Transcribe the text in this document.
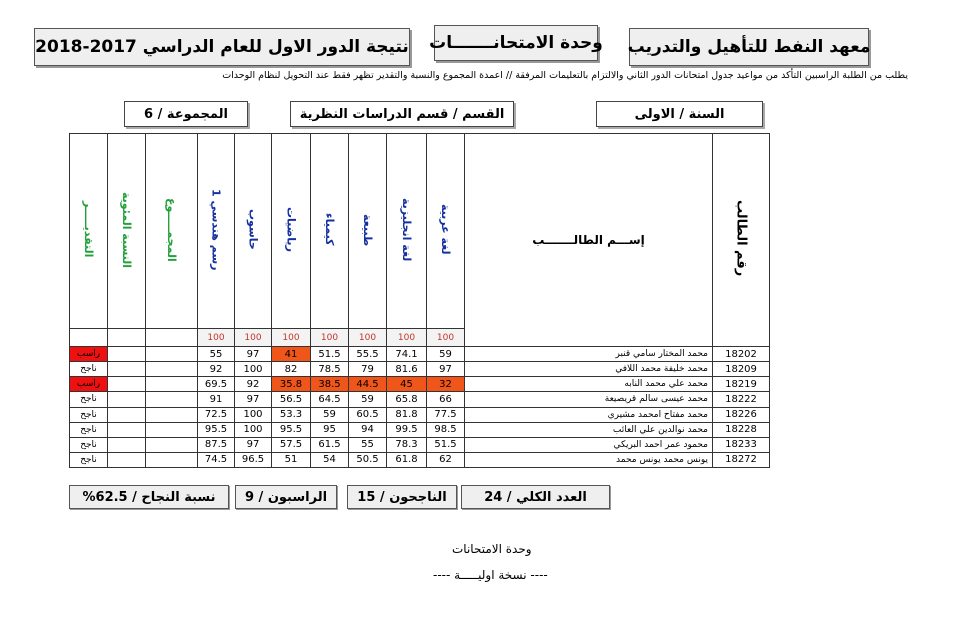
معهد النفط للتأهيل والتدريب
وحدة الامتحانـــــــات
نتيجة الدور الاول للعام الدراسي 2017-2018
يطلب من الطلبة الراسبين التأكد من مواعيد جدول امتحانات الدور الثاني والالتزام بالتعليمات المرفقة // اعمدة المجموع والنسبة والتقدير تظهر فقط عند التحويل لنظام الوحدات
السنة / الاولى
القسم / قسم الدراسات النظرية
المجموعة / 6
التقديـــــر	النسبة المئوية	المجمـــــوع	رسم هندسي 1	حاسوب	رياضيات	كيمياء	طبيعة	لغة انجليزية	لغة عربية	إســـم الطالـــــــب	رقم الطالب
			100	100	100	100	100	100	100		
راسب			55	97	41	51.5	55.5	74.1	59	محمد المختار سامي قنبر	18202
ناجح			92	100	82	78.5	79	81.6	97	محمد خليفة محمد اللافي	18209
راسب			69.5	92	35.8	38.5	44.5	45	32	محمد علي محمد النابه	18219
ناجح			91	97	56.5	64.5	59	65.8	66	محمد عيسى سالم قريصيعة	18222
ناجح			72.5	100	53.3	59	60.5	81.8	77.5	محمد مفتاح امحمد مشيري	18226
ناجح			95.5	100	95.5	95	94	99.5	98.5	محمد نوالدين علي العائب	18228
ناجح			87.5	97	57.5	61.5	55	78.3	51.5	محمود عمر احمد البريكي	18233
ناجح			74.5	96.5	51	54	50.5	61.8	62	يونس محمد يونس محمد	18272
العدد الكلي / 24
الناجحون / 15
الراسبون / 9
نسبة النجاح / 62.5%
وحدة الامتحانات
---- نسخة اوليـــــة ----
